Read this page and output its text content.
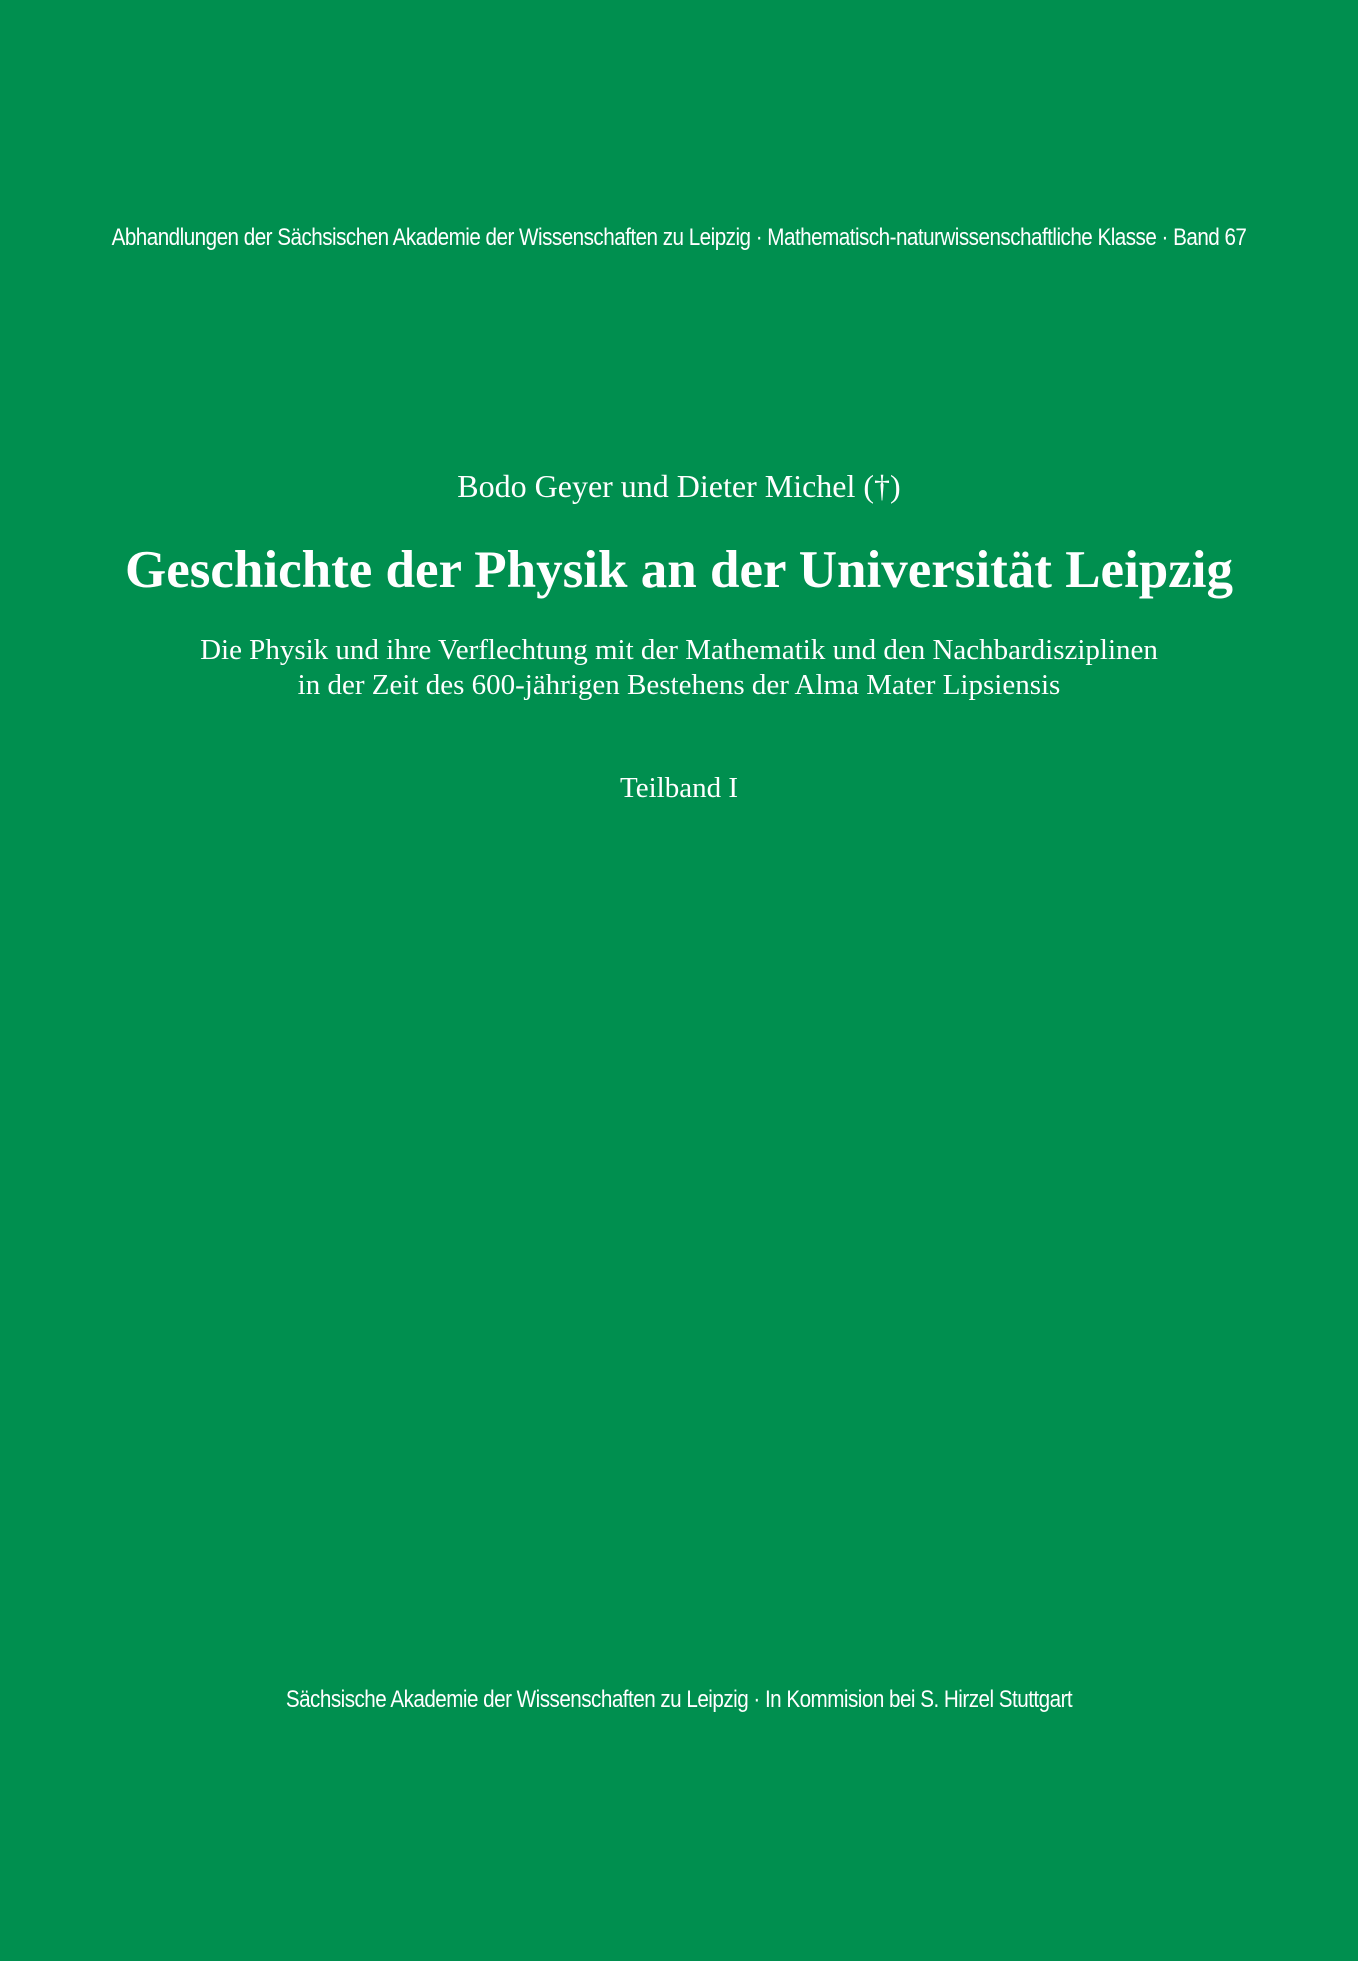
Abhandlungen der Sächsischen Akademie der Wissenschaften zu Leipzig · Mathematisch-naturwissenschaftliche Klasse · Band 67
Bodo Geyer und Dieter Michel (†)
Geschichte der Physik an der Universität Leipzig
Die Physik und ihre Verflechtung mit der Mathematik und den Nachbardisziplinen
in der Zeit des 600-jährigen Bestehens der Alma Mater Lipsiensis
Teilband I
Sächsische Akademie der Wissenschaften zu Leipzig · In Kommision bei S. Hirzel Stuttgart
